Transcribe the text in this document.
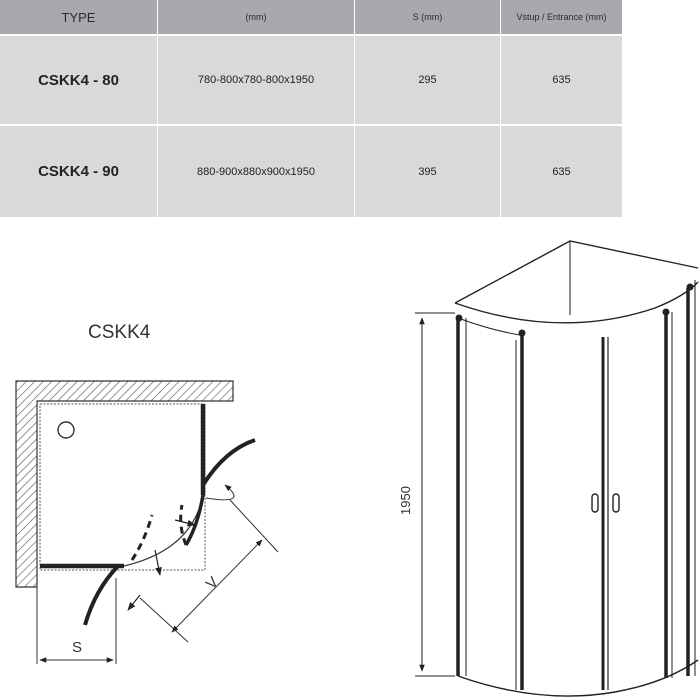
TYPE	(mm)	S (mm)	Vstup / Entrance (mm)
CSKK4 - 80	780-800x780-800x1950	295	635
CSKK4 - 90	880-900x880x900x1950	395	635
CSKK4
V
S
1950
